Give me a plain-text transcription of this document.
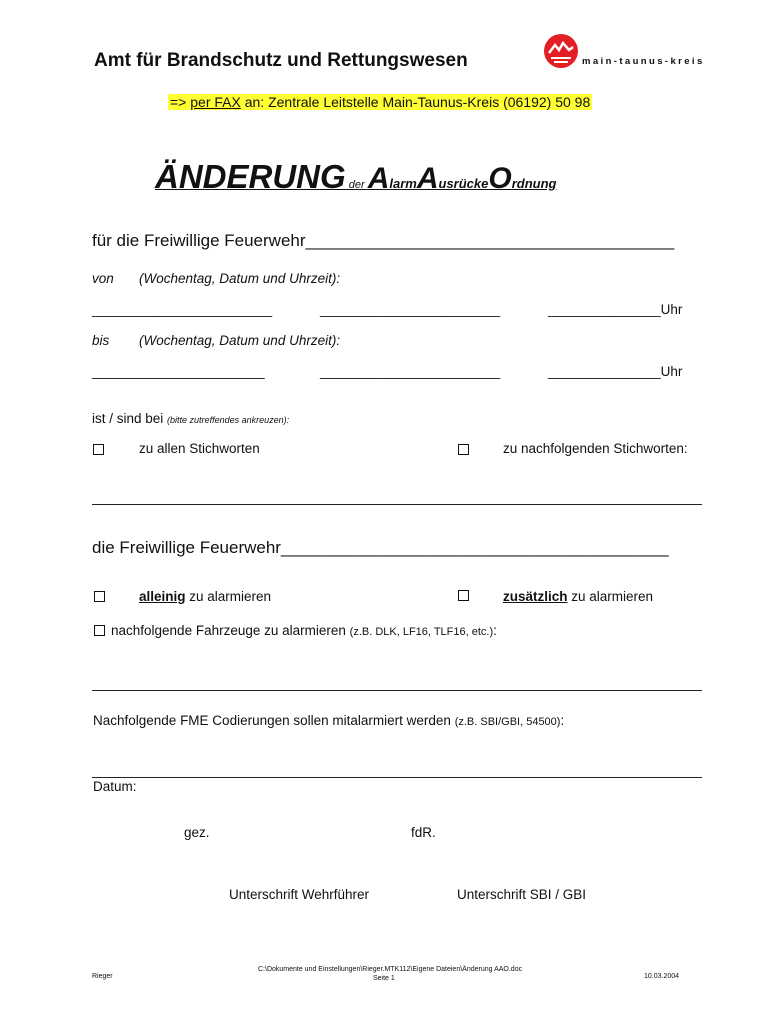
Amt für Brandschutz und Rettungswesen	main-taunus-kreis
=> per FAX an: Zentrale Leitstelle Main-Taunus-Kreis (06192) 50 98
ÄNDERUNG der AlarmAusrückeOrdnung
für die Freiwillige Feuerwehr_______________________________________
von (Wochentag, Datum und Uhrzeit):
________________________	________________________	_______________Uhr
bis (Wochentag, Datum und Uhrzeit):
_______________________	________________________	_______________Uhr
ist / sind bei (bitte zutreffendes ankreuzen):
zu allen Stichworten	zu nachfolgenden Stichworten:
die Freiwillige Feuerwehr_________________________________________
alleinig zu alarmieren	zusätzlich zu alarmieren
nachfolgende Fahrzeuge zu alarmieren (z.B. DLK, LF16, TLF16, etc.):
Nachfolgende FME Codierungen sollen mitalarmiert werden (z.B. SBI/GBI, 54500):
Datum:
gez.	fdR.
Unterschrift Wehrführer	Unterschrift SBI / GBI
C:\Dokumente und Einstellungen\Rieger.MTK112\Eigene Dateien\Änderung AAO.doc
Rieger	Seite 1	10.03.2004
